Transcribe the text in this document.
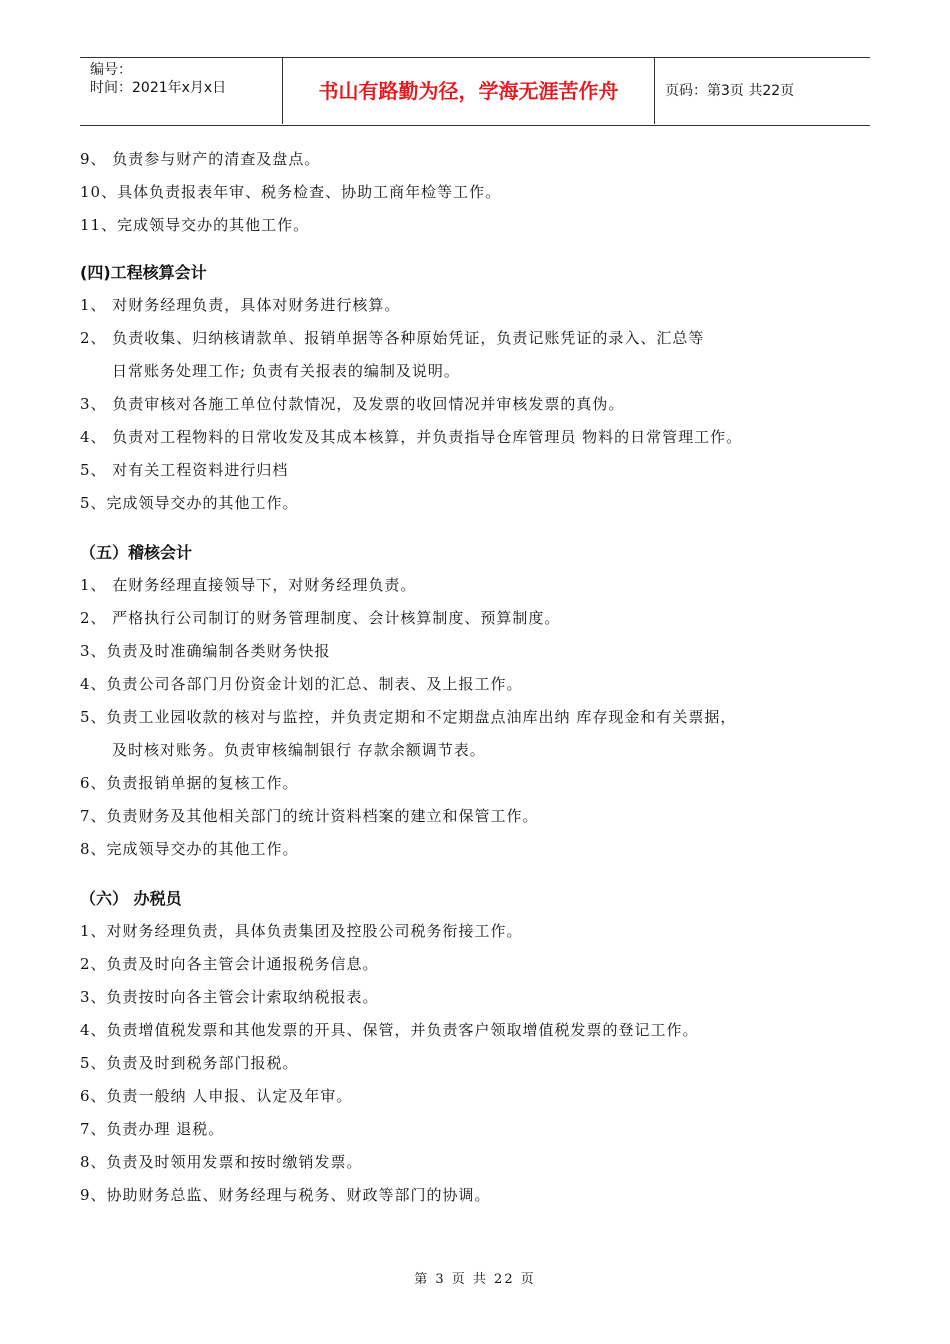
编号：
时间：2021年x月x日	书山有路勤为径，学海无涯苦作舟	页码：第3页 共22页
9、 负责参与财产的清查及盘点。
10、具体负责报表年审、税务检查、协助工商年检等工作。
11、完成领导交办的其他工作。
(四)工程核算会计
1、 对财务经理负责，具体对财务进行核算。
2、 负责收集、归纳核请款单、报销单据等各种原始凭证，负责记账凭证的录入、汇总等
日常账务处理工作; 负责有关报表的编制及说明。
3、 负责审核对各施工单位付款情况，及发票的收回情况并审核发票的真伪。
4、 负责对工程物料的日常收发及其成本核算，并负责指导仓库管理员 物料的日常管理工作。
5、 对有关工程资料进行归档
5、完成领导交办的其他工作。
（五）稽核会计
1、 在财务经理直接领导下，对财务经理负责。
2、 严格执行公司制订的财务管理制度、会计核算制度、预算制度。
3、负责及时准确编制各类财务快报
4、负责公司各部门月份资金计划的汇总、制表、及上报工作。
5、负责工业园收款的核对与监控，并负责定期和不定期盘点油库出纳 库存现金和有关票据，
及时核对账务。负责审核编制银行 存款余额调节表。
6、负责报销单据的复核工作。
7、负责财务及其他相关部门的统计资料档案的建立和保管工作。
8、完成领导交办的其他工作。
（六） 办税员
1、对财务经理负责，具体负责集团及控股公司税务衔接工作。
2、负责及时向各主管会计通报税务信息。
3、负责按时向各主管会计索取纳税报表。
4、负责增值税发票和其他发票的开具、保管，并负责客户领取增值税发票的登记工作。
5、负责及时到税务部门报税。
6、负责一般纳 人申报、认定及年审。
7、负责办理 退税。
8、负责及时领用发票和按时缴销发票。
9、协助财务总监、财务经理与税务、财政等部门的协调。
第 3 页 共 22 页
